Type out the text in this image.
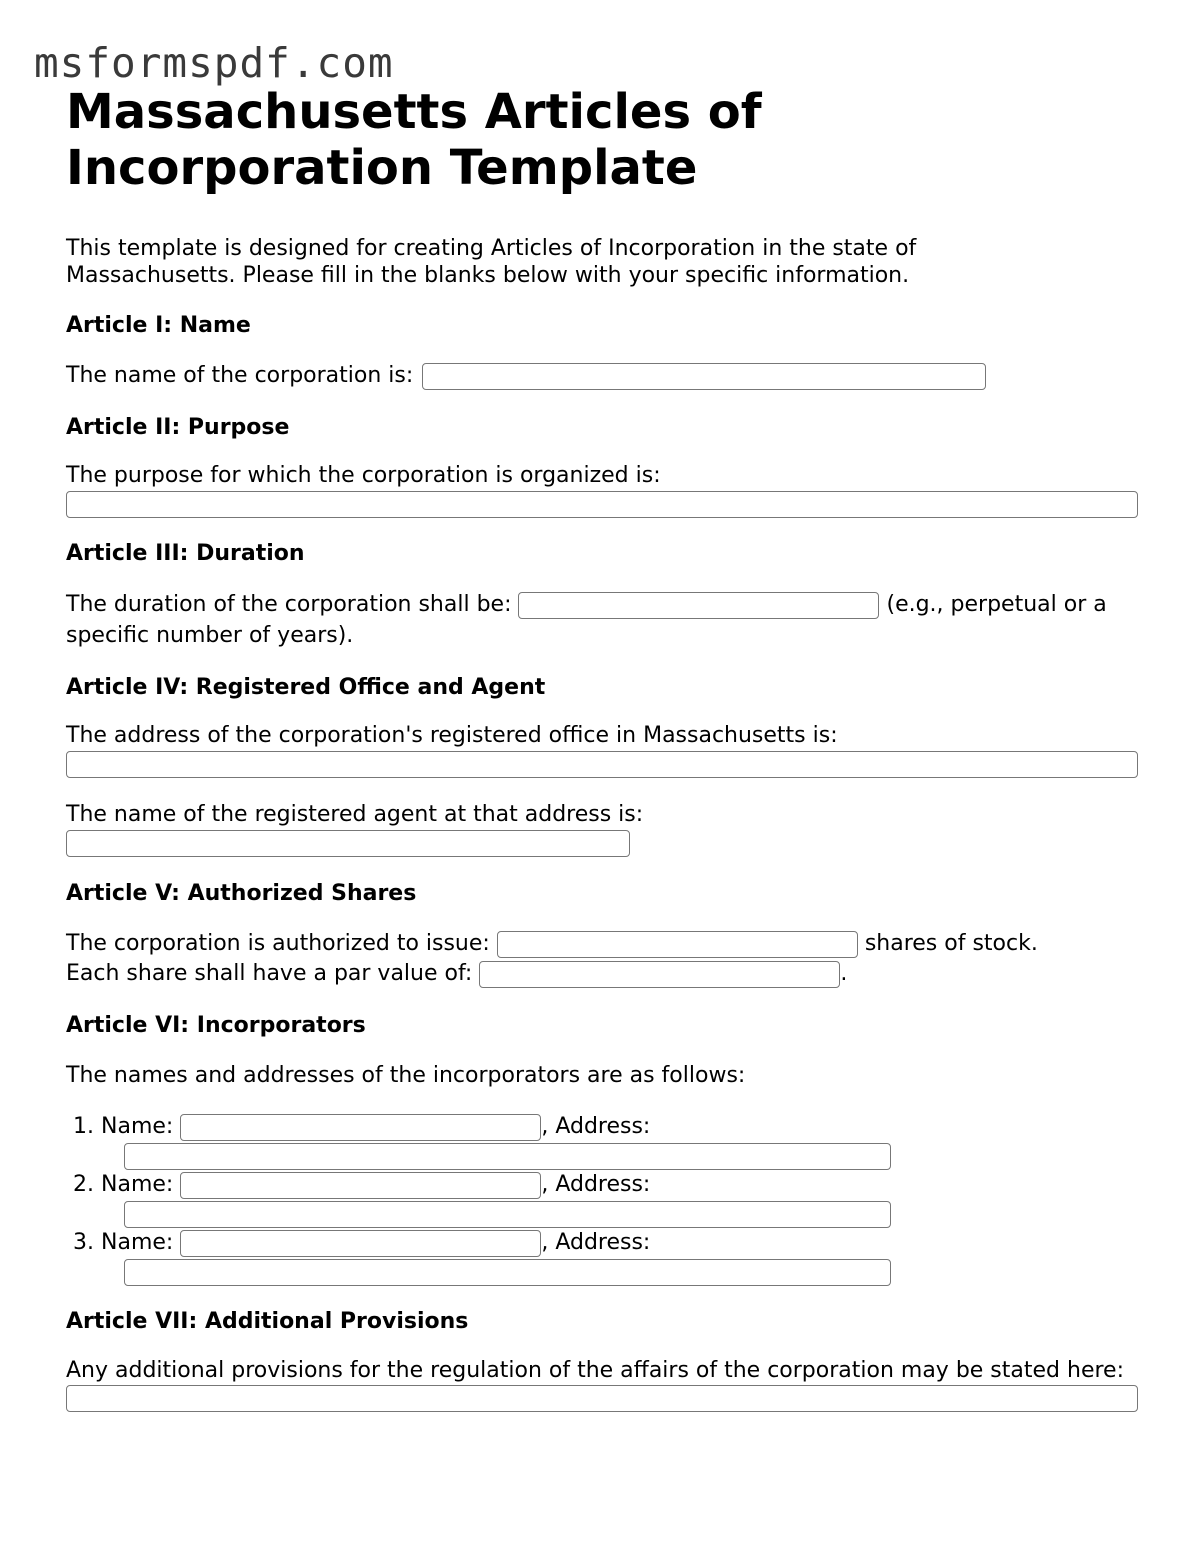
msformspdf.com
Massachusetts Articles of Incorporation Template

This template is designed for creating Articles of Incorporation in the state of Massachusetts. Please fill in the blanks below with your specific information.

Article I: Name

The name of the corporation is:

Article II: Purpose

The purpose for which the corporation is organized is:

Article III: Duration

The duration of the corporation shall be:	(e.g., perpetual or a specific number of years).

Article IV: Registered Office and Agent

The address of the corporation's registered office in Massachusetts is:

The name of the registered agent at that address is:

Article V: Authorized Shares

The corporation is authorized to issue:	shares of stock.

Each share shall have a par value of:	.

Article VI: Incorporators

The names and addresses of the incorporators are as follows:

1. Name:	, Address:
2. Name:	, Address:
3. Name:	, Address:
Article VII: Additional Provisions

Any additional provisions for the regulation of the affairs of the corporation may be stated here:
